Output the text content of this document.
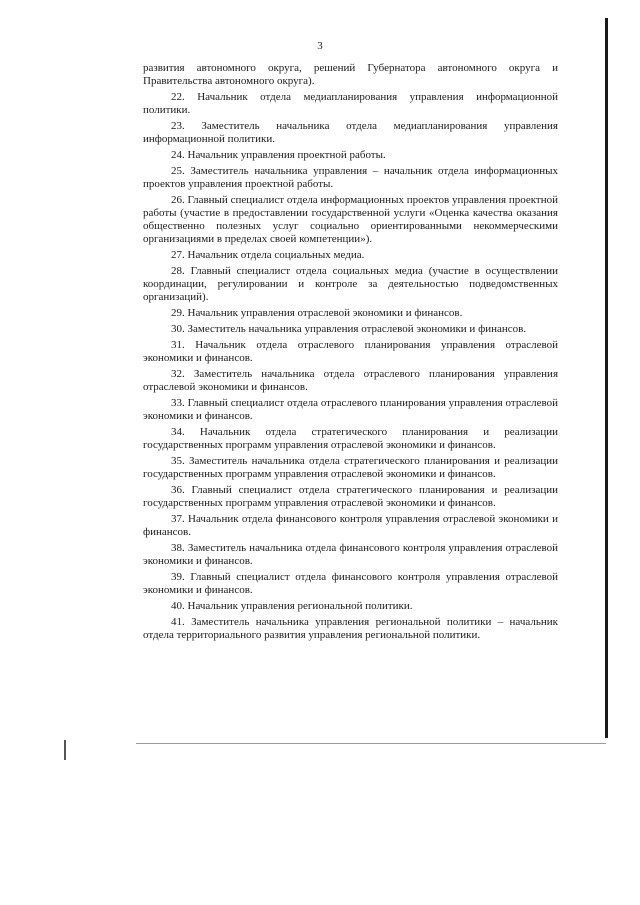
3

развития автономного округа, решений Губернатора автономного округа и Правительства автономного округа).

22. Начальник отдела медиапланирования управления информационной политики.

23. Заместитель начальника отдела медиапланирования управления информационной политики.

24. Начальник управления проектной работы.

25. Заместитель начальника управления – начальник отдела информационных проектов управления проектной работы.

26. Главный специалист отдела информационных проектов управления проектной работы (участие в предоставлении государственной услуги «Оценка качества оказания общественно полезных услуг социально ориентированными некоммерческими организациями в пределах своей компетенции»).

27. Начальник отдела социальных медиа.

28. Главный специалист отдела социальных медиа (участие в осуществлении координации, регулировании и контроле за деятельностью подведомственных организаций).

29. Начальник управления отраслевой экономики и финансов.

30. Заместитель начальника управления отраслевой экономики и финансов.

31. Начальник отдела отраслевого планирования управления отраслевой экономики и финансов.

32. Заместитель начальника отдела отраслевого планирования управления отраслевой экономики и финансов.

33. Главный специалист отдела отраслевого планирования управления отраслевой экономики и финансов.

34. Начальник отдела стратегического планирования и реализации государственных программ управления отраслевой экономики и финансов.

35. Заместитель начальника отдела стратегического планирования и реализации государственных программ управления отраслевой экономики и финансов.

36. Главный специалист отдела стратегического планирования и реализации государственных программ управления отраслевой экономики и финансов.

37. Начальник отдела финансового контроля управления отраслевой экономики и финансов.

38. Заместитель начальника отдела финансового контроля управления отраслевой экономики и финансов.

39. Главный специалист отдела финансового контроля управления отраслевой экономики и финансов.

40. Начальник управления региональной политики.

41. Заместитель начальника управления региональной политики – начальник отдела территориального развития управления региональной политики.
